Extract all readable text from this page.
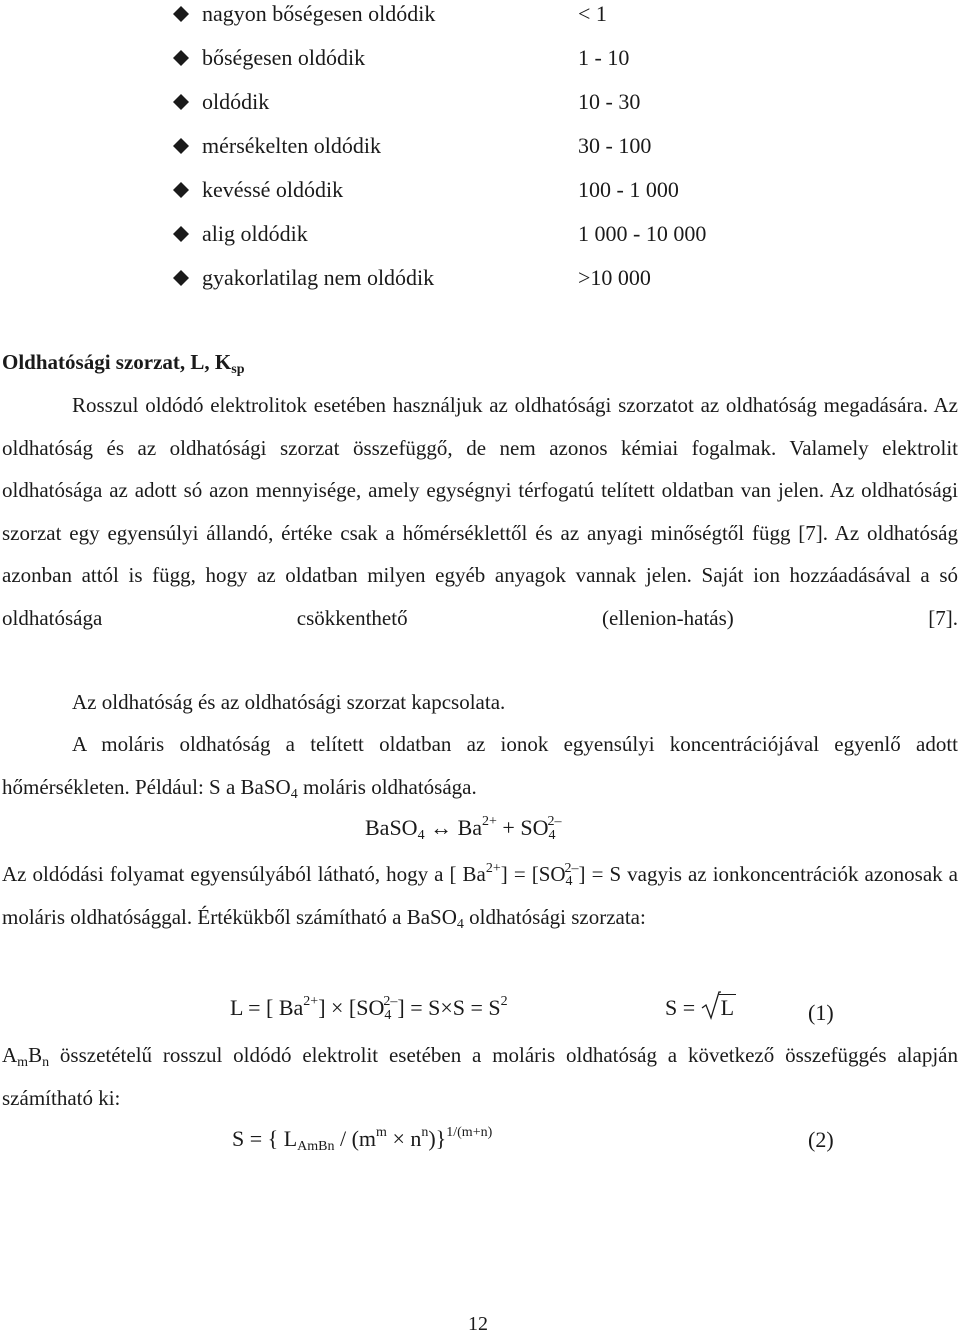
nagyon bőségesen oldódik	< 1
bőségesen oldódik	1 - 10
oldódik	10 - 30
mérsékelten oldódik	30 - 100
kevéssé oldódik	100 - 1 000
alig oldódik	1 000 - 10 000
gyakorlatilag nem oldódik	>10 000
Oldhatósági szorzat, L, $K_{sp}$
Rosszul oldódó elektrolitok esetében használjuk az oldhatósági szorzatot az oldhatóság megadására. Az oldhatóság és az oldhatósági szorzat összefüggő, de nem azonos kémiai fogalmak. Valamely elektrolit oldhatósága az adott só azon mennyisége, amely egységnyi térfogatú telített oldatban van jelen. Az oldhatósági szorzat egy egyensúlyi állandó, értéke csak a hőmérséklettől és az anyagi minőségtől függ [7]. Az oldhatóság azonban attól is függ, hogy az oldatban milyen egyéb anyagok vannak jelen. Saját ion hozzáadásával a só oldhatósága csökkenthető (ellenion-hatás) [7].
Az oldhatóság és az oldhatósági szorzat kapcsolata.
A moláris oldhatóság a telített oldatban az ionok egyensúlyi koncentrációjával egyenlő adott hőmérsékleten. Például: S a BaSO$_4$ moláris oldhatósága.
BaSO$_4$ ↔ $Ba^{2+} + SO_4^{2-}$
Az oldódási folyamat egyensúlyából látható, hogy a [ $Ba^{2+}] = [SO_4^{2-}] = S$ vagyis az ionkoncentrációk azonosak a moláris oldhatósággal. Értékükből számítható a BaSO$_4$ oldhatósági szorzata:
L = [ $Ba^{2+}] \times [SO_4^{2-}] = S\times S = S^2$	S = L	(1)
$A_mB_n$ összetételű rosszul oldódó elektrolit esetében a moláris oldhatóság a következő összefüggés alapján számítható ki:
S = { $L_{AmBn} / (m^m \times n^n)\}^{1/(m+n)}$	(2)
12
